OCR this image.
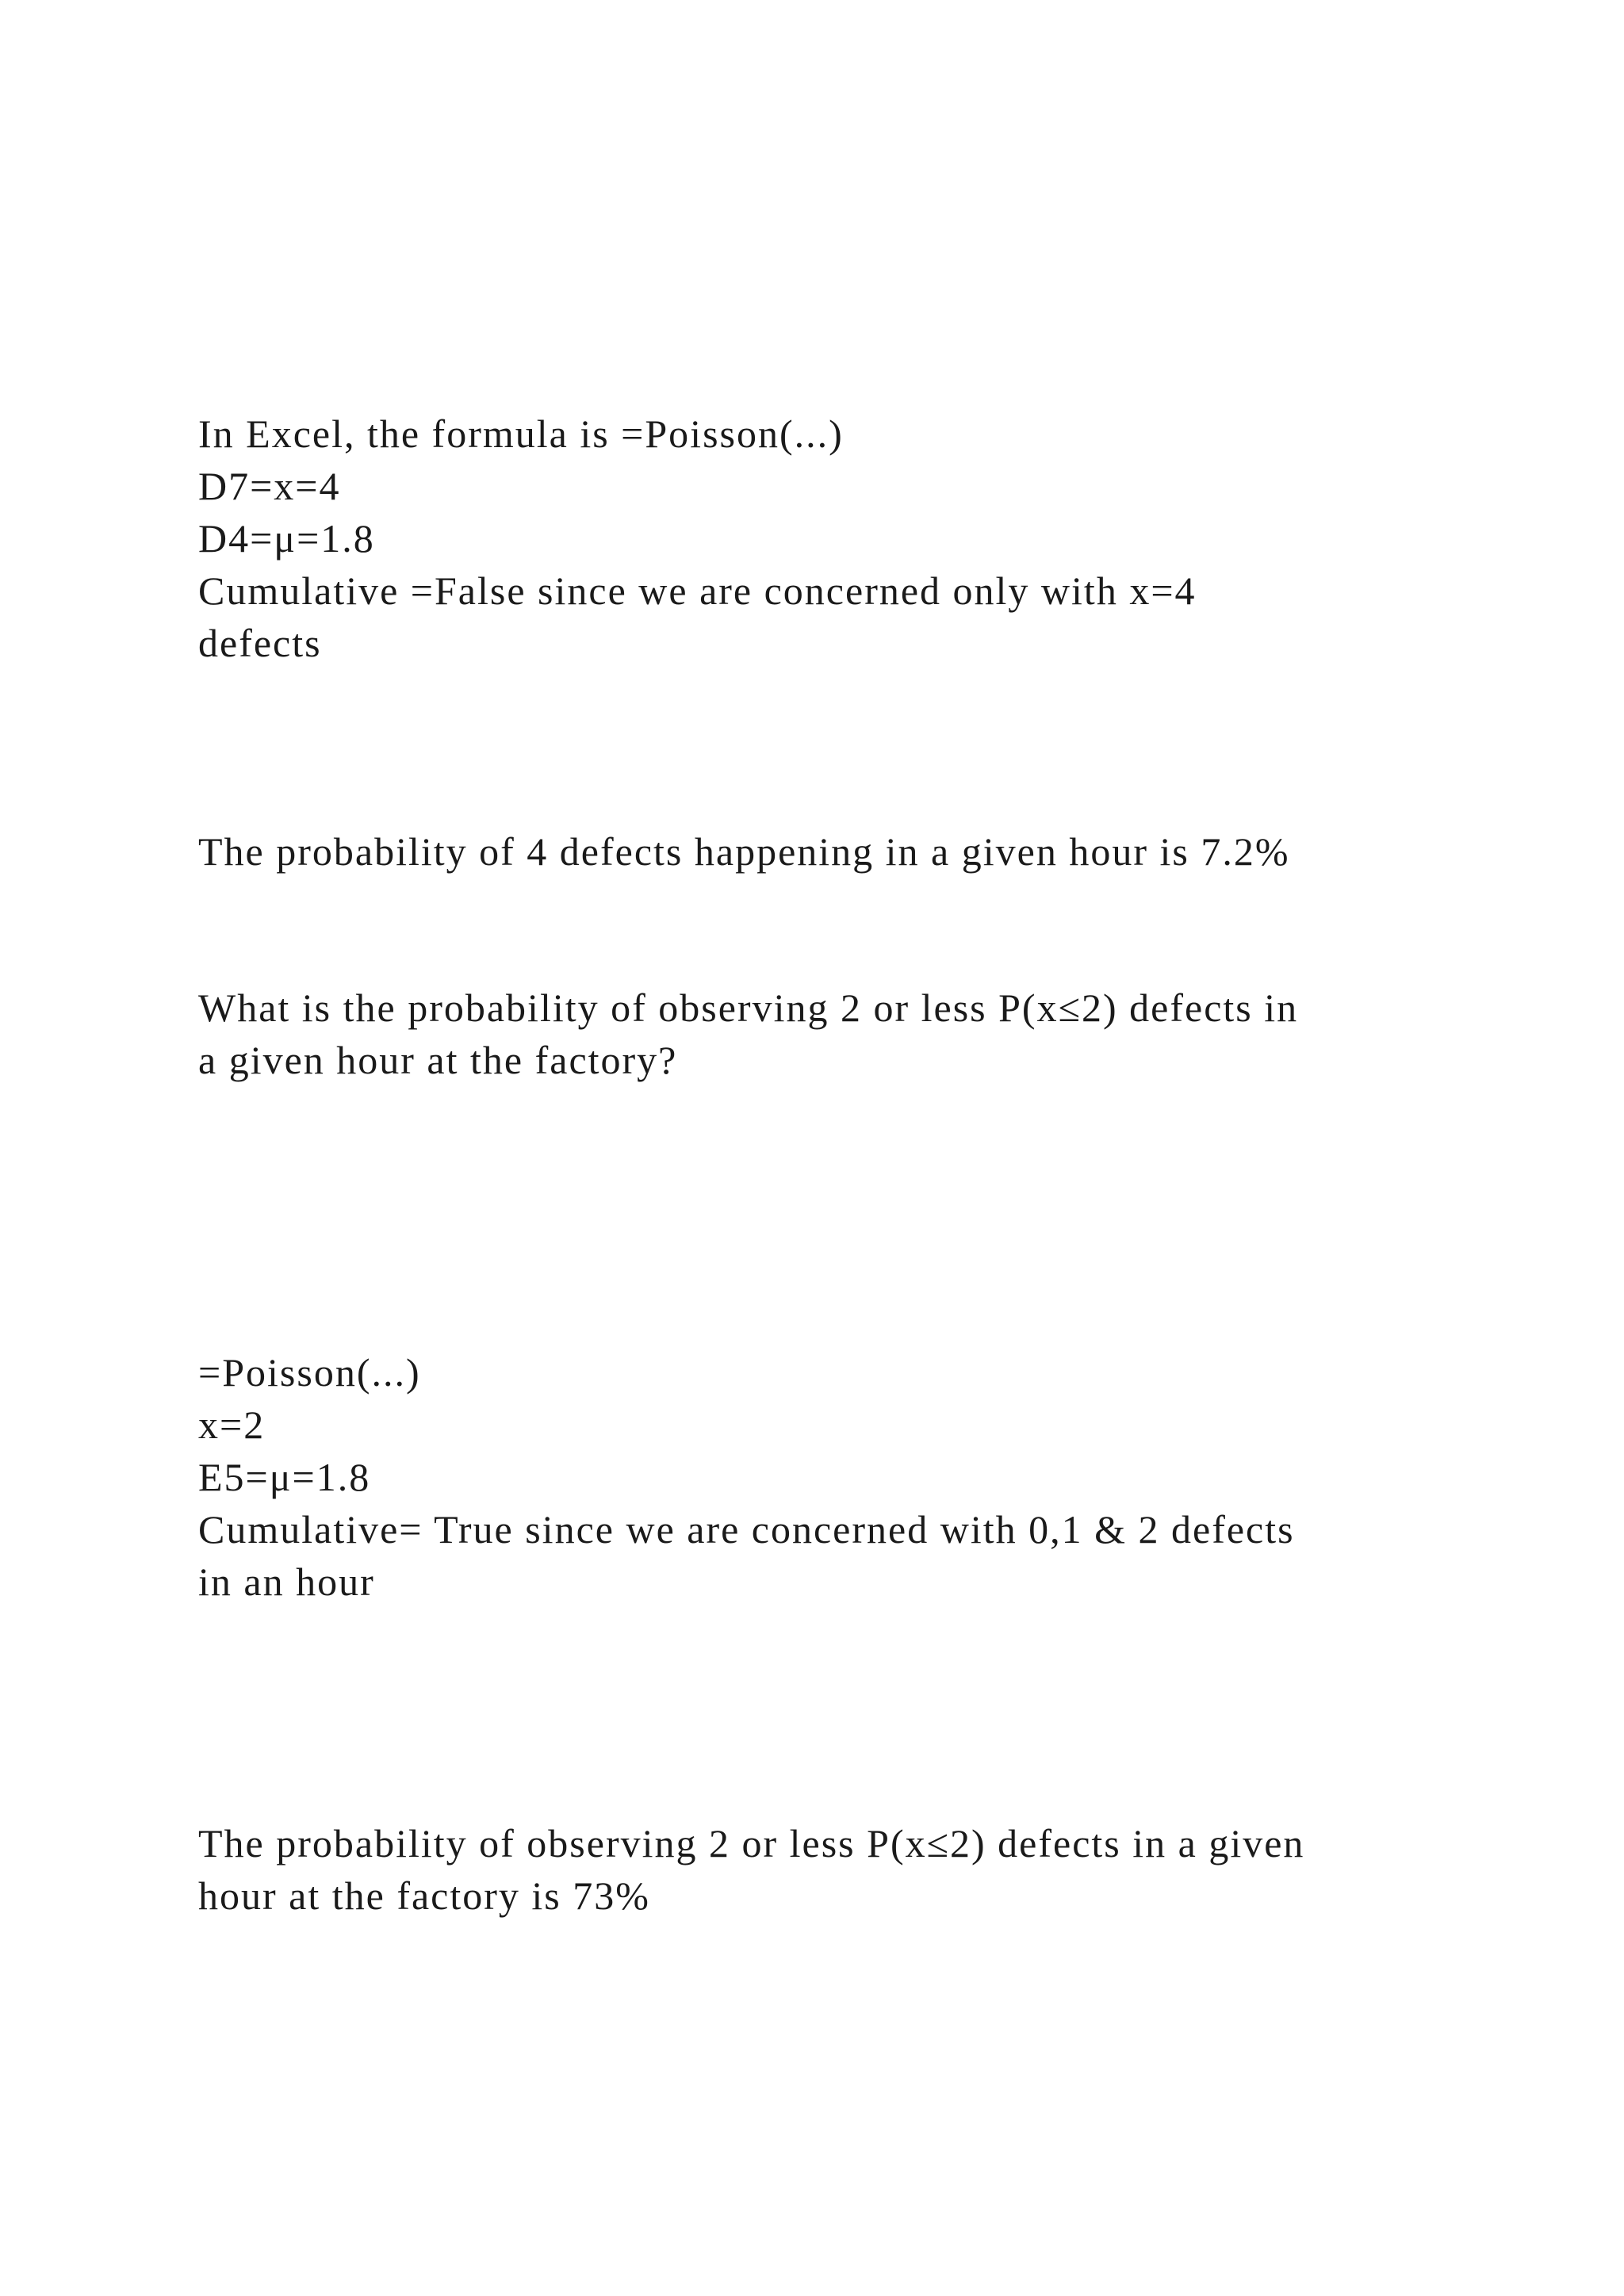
In Excel, the formula is =Poisson(...)
D7=x=4
D4=μ=1.8
Cumulative =False since we are concerned only with x=4
defects
The probability of 4 defects happening in a given hour is 7.2%
What is the probability of observing 2 or less P(x≤2) defects in
a given hour at the factory?
=Poisson(...)
x=2
E5=μ=1.8
Cumulative= True since we are concerned with 0,1 & 2 defects
in an hour
The probability of observing 2 or less P(x≤2) defects in a given
hour at the factory is 73%
